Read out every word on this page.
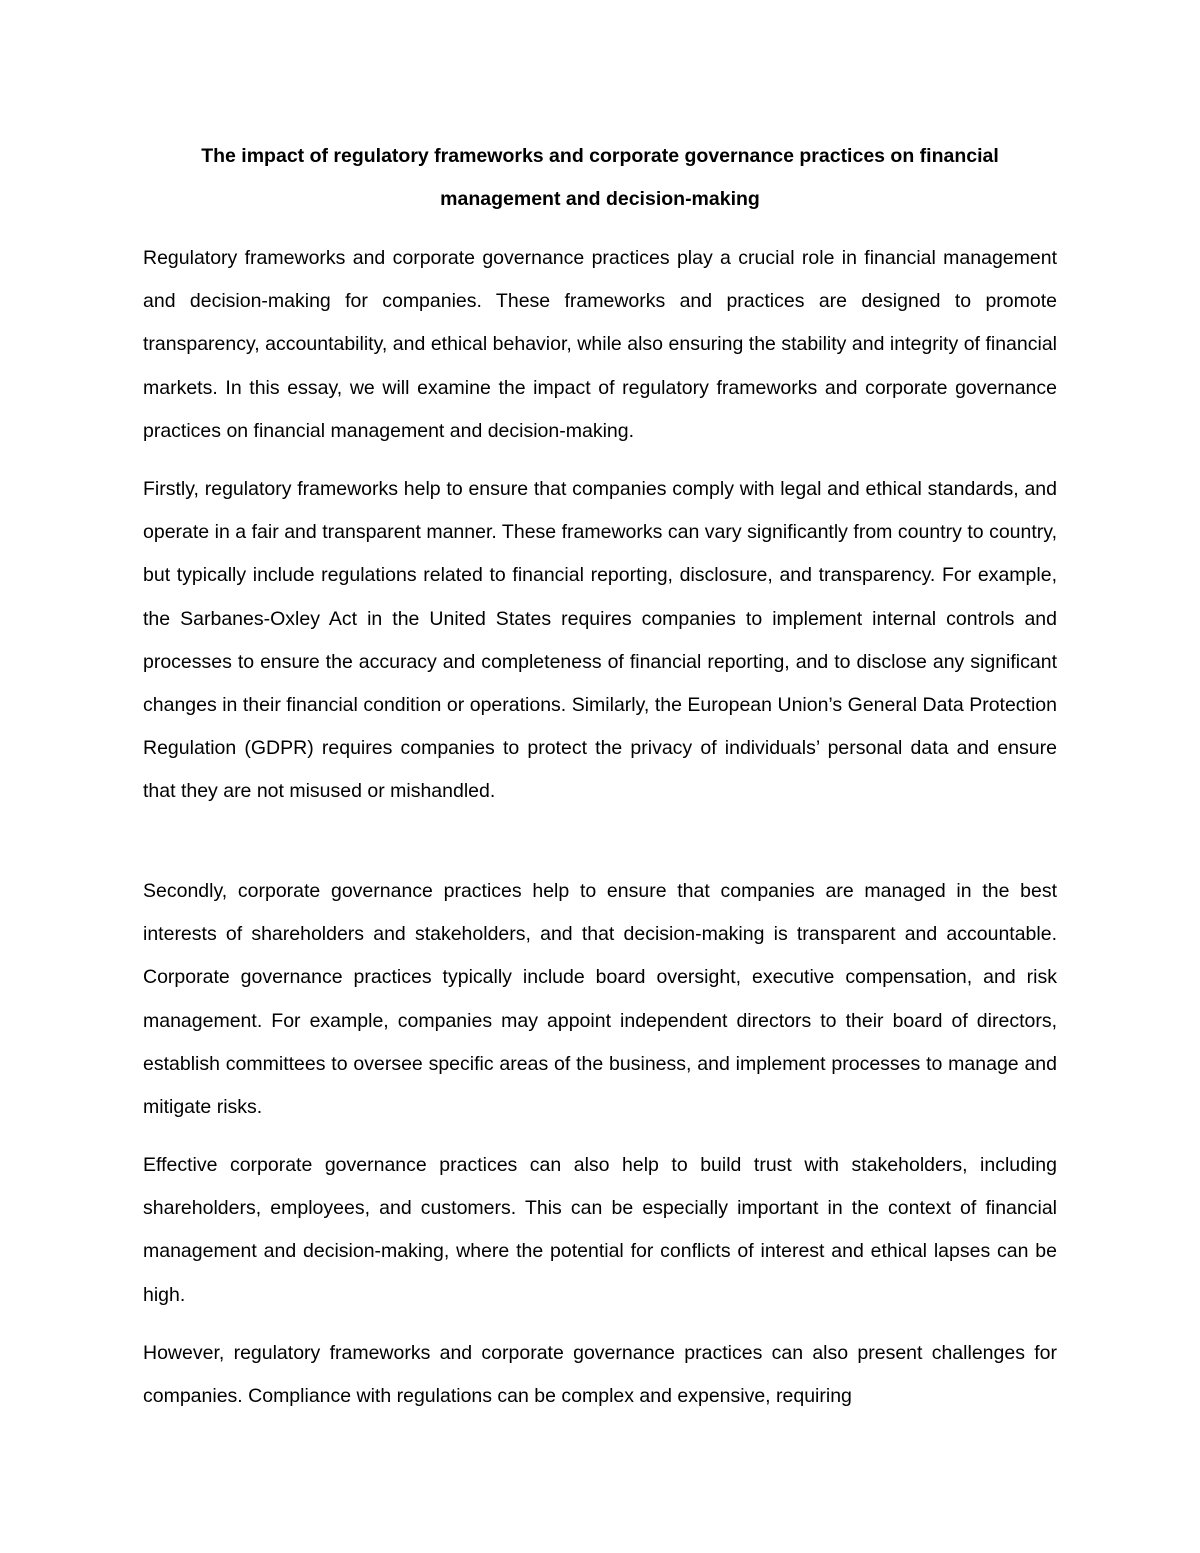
The impact of regulatory frameworks and corporate governance practices on financial management and decision-making

Regulatory frameworks and corporate governance practices play a crucial role in financial management and decision-making for companies. These frameworks and practices are designed to promote transparency, accountability, and ethical behavior, while also ensuring the stability and integrity of financial markets. In this essay, we will examine the impact of regulatory frameworks and corporate governance practices on financial management and decision-making.

Firstly, regulatory frameworks help to ensure that companies comply with legal and ethical standards, and operate in a fair and transparent manner. These frameworks can vary significantly from country to country, but typically include regulations related to financial reporting, disclosure, and transparency. For example, the Sarbanes-Oxley Act in the United States requires companies to implement internal controls and processes to ensure the accuracy and completeness of financial reporting, and to disclose any significant changes in their financial condition or operations. Similarly, the European Union’s General Data Protection Regulation (GDPR) requires companies to protect the privacy of individuals’ personal data and ensure that they are not misused or mishandled.

Secondly, corporate governance practices help to ensure that companies are managed in the best interests of shareholders and stakeholders, and that decision-making is transparent and accountable. Corporate governance practices typically include board oversight, executive compensation, and risk management. For example, companies may appoint independent directors to their board of directors, establish committees to oversee specific areas of the business, and implement processes to manage and mitigate risks.

Effective corporate governance practices can also help to build trust with stakeholders, including shareholders, employees, and customers. This can be especially important in the context of financial management and decision-making, where the potential for conflicts of interest and ethical lapses can be high.

However, regulatory frameworks and corporate governance practices can also present challenges for companies. Compliance with regulations can be complex and expensive, requiring
